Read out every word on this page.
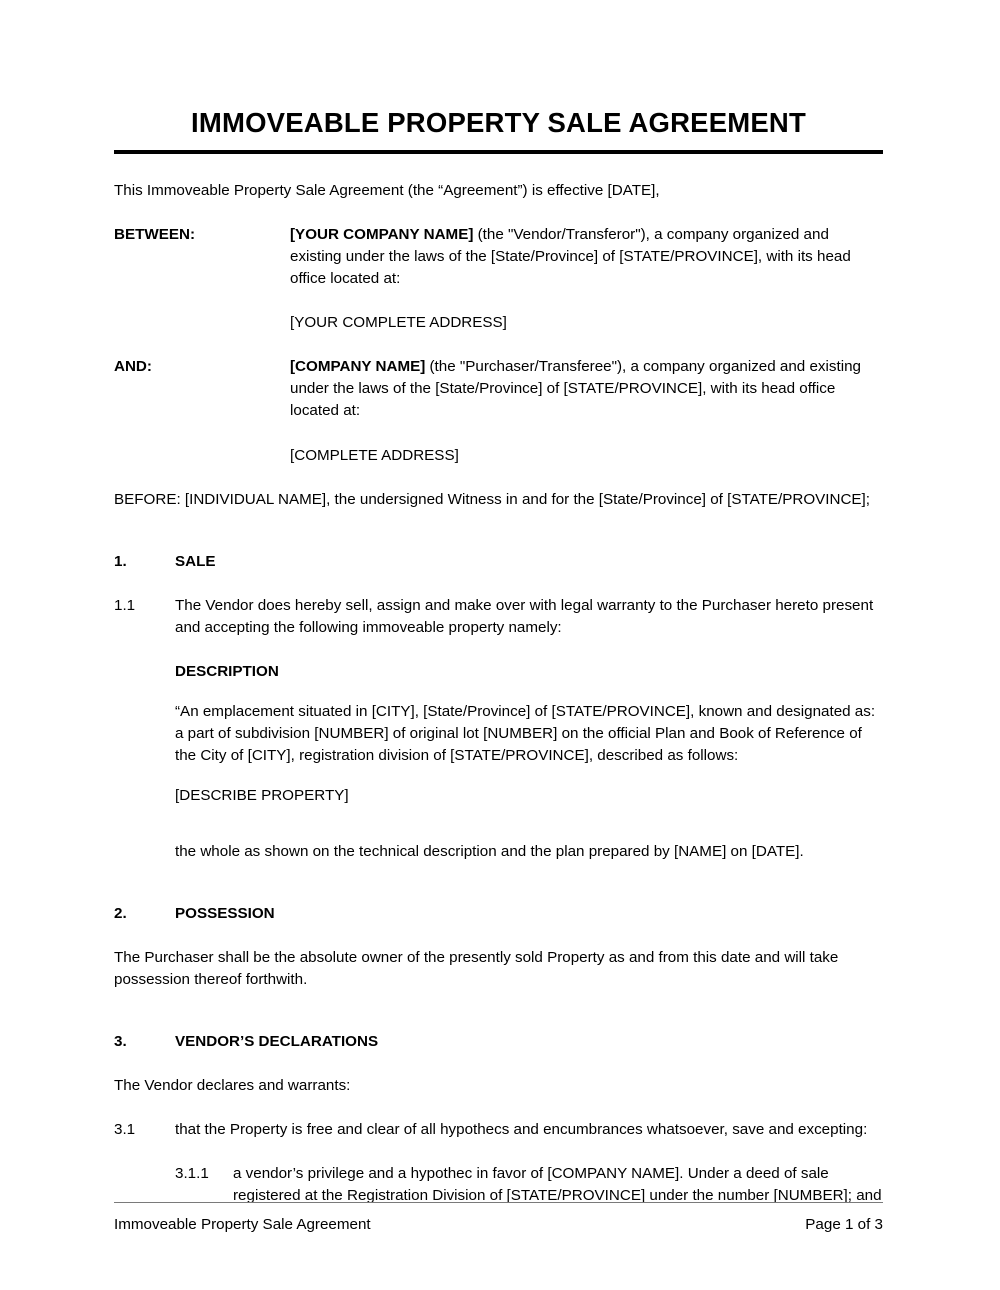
IMMOVEABLE PROPERTY SALE AGREEMENT

This Immoveable Property Sale Agreement (the “Agreement”) is effective [DATE],

BETWEEN:	[YOUR COMPANY NAME] (the "Vendor/Transferor"), a company organized and existing under the laws of the [State/Province] of [STATE/PROVINCE], with its head office located at:
[YOUR COMPLETE ADDRESS]
AND:	[COMPANY NAME] (the "Purchaser/Transferee"), a company organized and existing under the laws of the [State/Province] of [STATE/PROVINCE], with its head office located at:
[COMPLETE ADDRESS]

BEFORE: [INDIVIDUAL NAME], the undersigned Witness in and for the [State/Province] of [STATE/PROVINCE];

1.	SALE
1.1	The Vendor does hereby sell, assign and make over with legal warranty to the Purchaser hereto present and accepting the following immoveable property namely:
DESCRIPTION
“An emplacement situated in [CITY], [State/Province] of [STATE/PROVINCE], known and designated as: a part of subdivision [NUMBER] of original lot [NUMBER] on the official Plan and Book of Reference of the City of [CITY], registration division of [STATE/PROVINCE], described as follows:
[DESCRIBE PROPERTY]
the whole as shown on the technical description and the plan prepared by [NAME] on [DATE].
2.	POSSESSION

The Purchaser shall be the absolute owner of the presently sold Property as and from this date and will take possession thereof forthwith.

3.	VENDOR’S DECLARATIONS

The Vendor declares and warrants:

3.1	that the Property is free and clear of all hypothecs and encumbrances whatsoever, save and excepting:
3.1.1	a vendor’s privilege and a hypothec in favor of [COMPANY NAME]. Under a deed of sale registered at the Registration Division of [STATE/PROVINCE] under the number [NUMBER]; and
Immoveable Property Sale Agreement	Page 1 of 3
